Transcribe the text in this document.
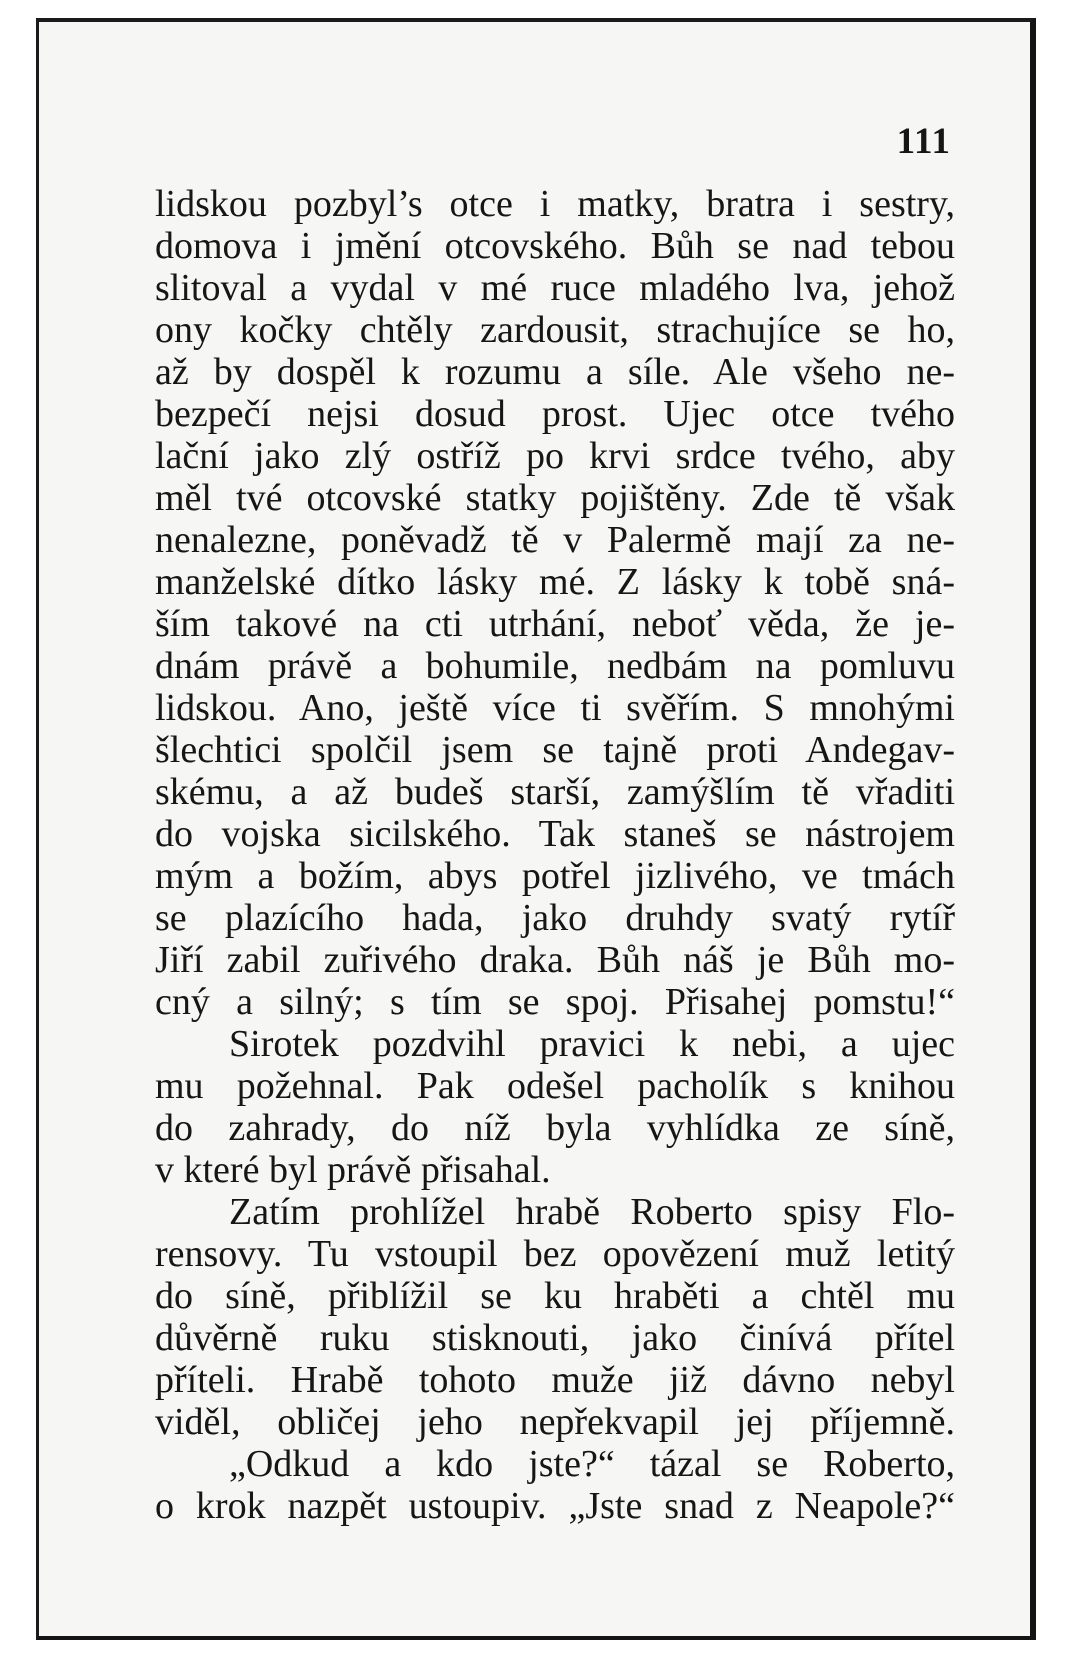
111
lidskou pozbyl’s otce i matky, bratra i sestry,
domova i jmění otcovského. Bůh se nad tebou
slitoval a vydal v mé ruce mladého lva, jehož
ony kočky chtěly zardousit, strachujíce se ho,
až by dospěl k rozumu a síle. Ale všeho ne-
bezpečí nejsi dosud prost. Ujec otce tvého
lační jako zlý ostříž po krvi srdce tvého, aby
měl tvé otcovské statky pojištěny. Zde tě však
nenalezne, poněvadž tě v Palermě mají za ne-
manželské dítko lásky mé. Z lásky k tobě sná-
ším takové na cti utrhání, neboť věda, že je-
dnám právě a bohumile, nedbám na pomluvu
lidskou. Ano, ještě více ti svěřím. S mnohými
šlechtici spolčil jsem se tajně proti Andegav-
skému, a až budeš starší, zamýšlím tě vřaditi
do vojska sicilského. Tak staneš se nástrojem
mým a božím, abys potřel jizlivého, ve tmách
se plazícího hada, jako druhdy svatý rytíř
Jiří zabil zuřivého draka. Bůh náš je Bůh mo-
cný a silný; s tím se spoj. Přisahej pomstu!“
Sirotek pozdvihl pravici k nebi, a ujec
mu požehnal. Pak odešel pacholík s knihou
do zahrady, do níž byla vyhlídka ze síně,
v které byl právě přisahal.
Zatím prohlížel hrabě Roberto spisy Flo-
rensovy. Tu vstoupil bez opovězení muž letitý
do síně, přiblížil se ku hraběti a chtěl mu
důvěrně ruku stisknouti, jako činívá přítel
příteli. Hrabě tohoto muže již dávno nebyl
viděl, obličej jeho nepřekvapil jej příjemně.
„Odkud a kdo jste?“ tázal se Roberto,
o krok nazpět ustoupiv. „Jste snad z Neapole?“
